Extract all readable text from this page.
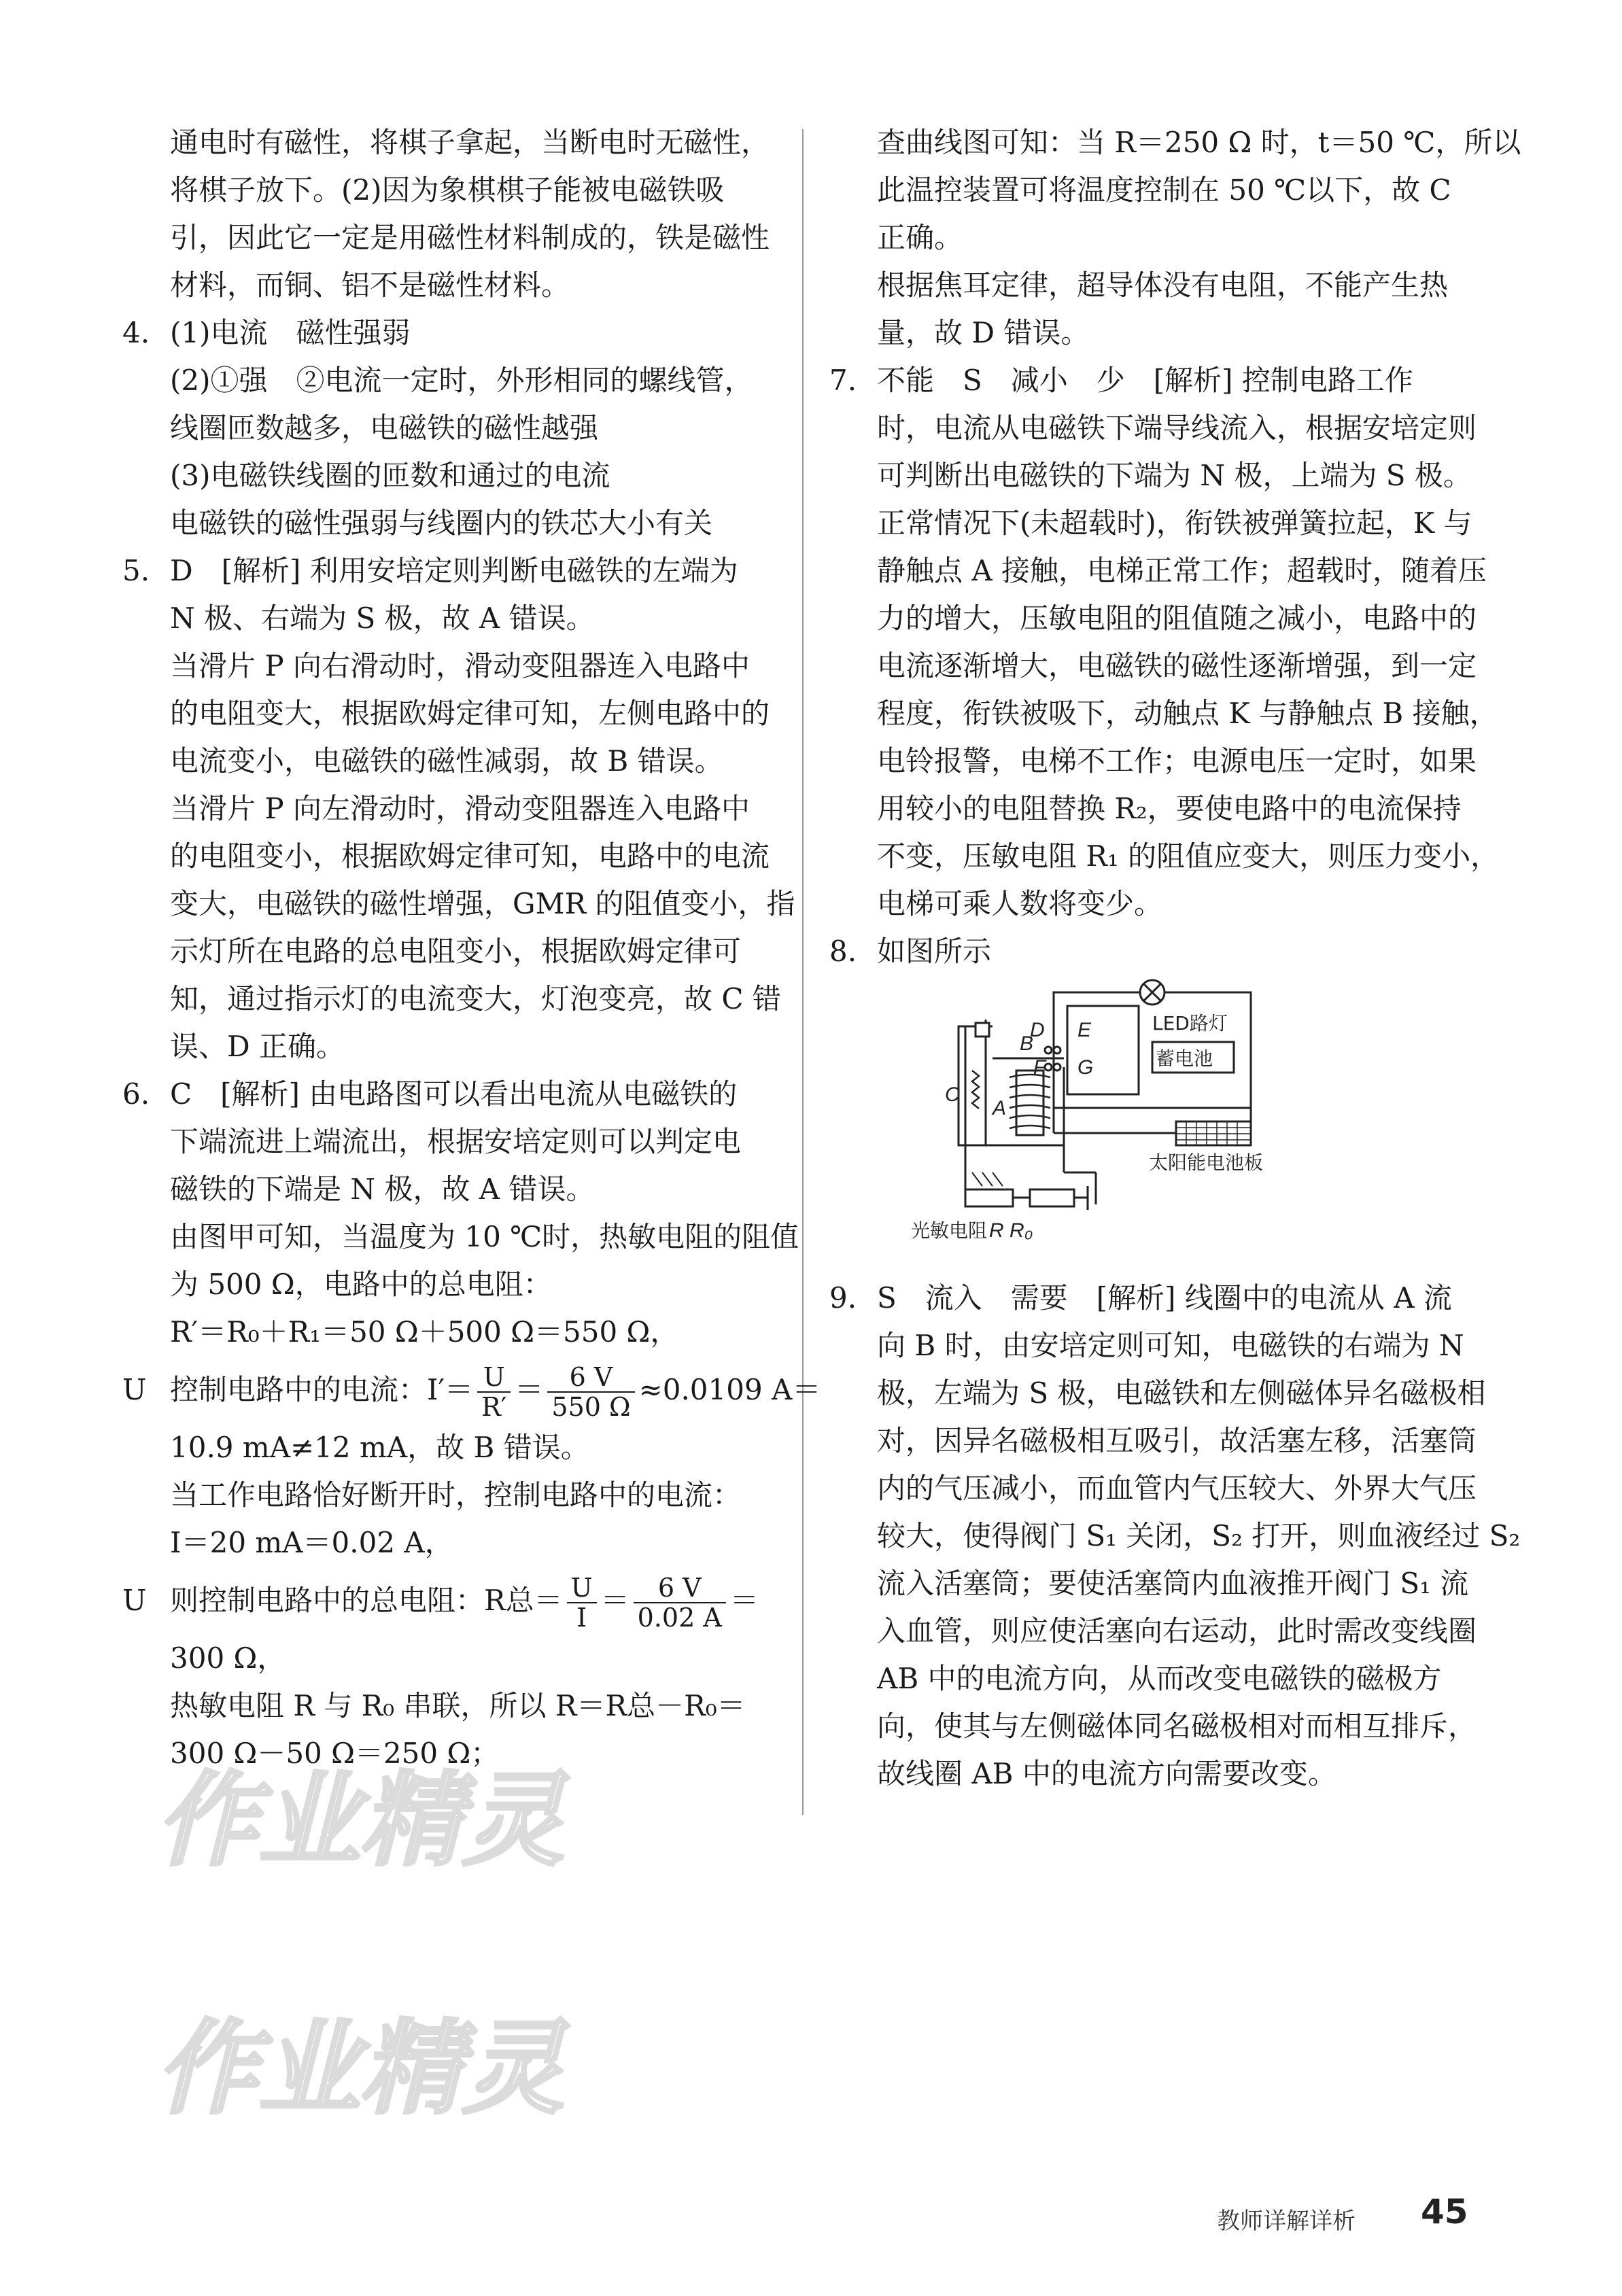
通电时有磁性，将棋子拿起，当断电时无磁性，
将棋子放下。(2)因为象棋棋子能被电磁铁吸
引，因此它一定是用磁性材料制成的，铁是磁性
材料，而铜、铝不是磁性材料。
4. (1)电流　磁性强弱
(2)①强　②电流一定时，外形相同的螺线管，
线圈匝数越多，电磁铁的磁性越强
(3)电磁铁线圈的匝数和通过的电流
电磁铁的磁性强弱与线圈内的铁芯大小有关
5. D　[解析] 利用安培定则判断电磁铁的左端为
N 极、右端为 S 极，故 A 错误。
当滑片 P 向右滑动时，滑动变阻器连入电路中
的电阻变大，根据欧姆定律可知，左侧电路中的
电流变小，电磁铁的磁性减弱，故 B 错误。
当滑片 P 向左滑动时，滑动变阻器连入电路中
的电阻变小，根据欧姆定律可知，电路中的电流
变大，电磁铁的磁性增强，GMR 的阻值变小，指
示灯所在电路的总电阻变小，根据欧姆定律可
知，通过指示灯的电流变大，灯泡变亮，故 C 错
误、D 正确。
6. C　[解析] 由电路图可以看出电流从电磁铁的
下端流进上端流出，根据安培定则可以判定电
磁铁的下端是 N 极，故 A 错误。
由图甲可知，当温度为 10 ℃时，热敏电阻的阻值
为 500 Ω，电路中的总电阻：
R′＝R₀＋R₁＝50 Ω＋500 Ω＝550 Ω，
U 控制电路中的电流：$I'= \frac{U}{R'} = \frac{6 V}{550 \Omega} \approx 0.0109$ A＝
10.9 mA≠12 mA，故 B 错误。
当工作电路恰好断开时，控制电路中的电流：
I＝20 mA＝0.02 A，
U 则控制电路中的总电阻：R总＝ $\frac{U}{I} = \frac{6 V}{0.02 A}$ ＝
300 Ω，
热敏电阻 R 与 R₀ 串联，所以 R＝R总－R₀＝
300 Ω－50 Ω＝250 Ω；
查曲线图可知：当 R＝250 Ω 时，t＝50 ℃，所以
此温控装置可将温度控制在 50 ℃以下，故 C
正确。
根据焦耳定律，超导体没有电阻，不能产生热
量，故 D 错误。
7. 不能　S　减小　少　[解析] 控制电路工作
时，电流从电磁铁下端导线流入，根据安培定则
可判断出电磁铁的下端为 N 极，上端为 S 极。
正常情况下(未超载时)，衔铁被弹簧拉起，K 与
静触点 A 接触，电梯正常工作；超载时，随着压
力的增大，压敏电阻的阻值随之减小，电路中的
电流逐渐增大，电磁铁的磁性逐渐增强，到一定
程度，衔铁被吸下，动触点 K 与静触点 B 接触，
电铃报警，电梯不工作；电源电压一定时，如果
用较小的电阻替换 R₂，要使电路中的电流保持
不变，压敏电阻 R₁ 的阻值应变大，则压力变小，
电梯可乘人数将变少。
8. 如图所示
B
D E
F G
C
A
R R₀
LED路灯
蓄电池
太阳能电池板
光敏电阻
9. S　流入　需要　[解析] 线圈中的电流从 A 流
向 B 时，由安培定则可知，电磁铁的右端为 N
极，左端为 S 极，电磁铁和左侧磁体异名磁极相
对，因异名磁极相互吸引，故活塞左移，活塞筒
内的气压减小，而血管内气压较大、外界大气压
较大，使得阀门 S₁ 关闭，S₂ 打开，则血液经过 S₂
流入活塞筒；要使活塞筒内血液推开阀门 S₁ 流
入血管，则应使活塞向右运动，此时需改变线圈
AB 中的电流方向，从而改变电磁铁的磁极方
向，使其与左侧磁体同名磁极相对而相互排斥，
故线圈 AB 中的电流方向需要改变。
作业精灵
作业精灵
教师详解详析 45
